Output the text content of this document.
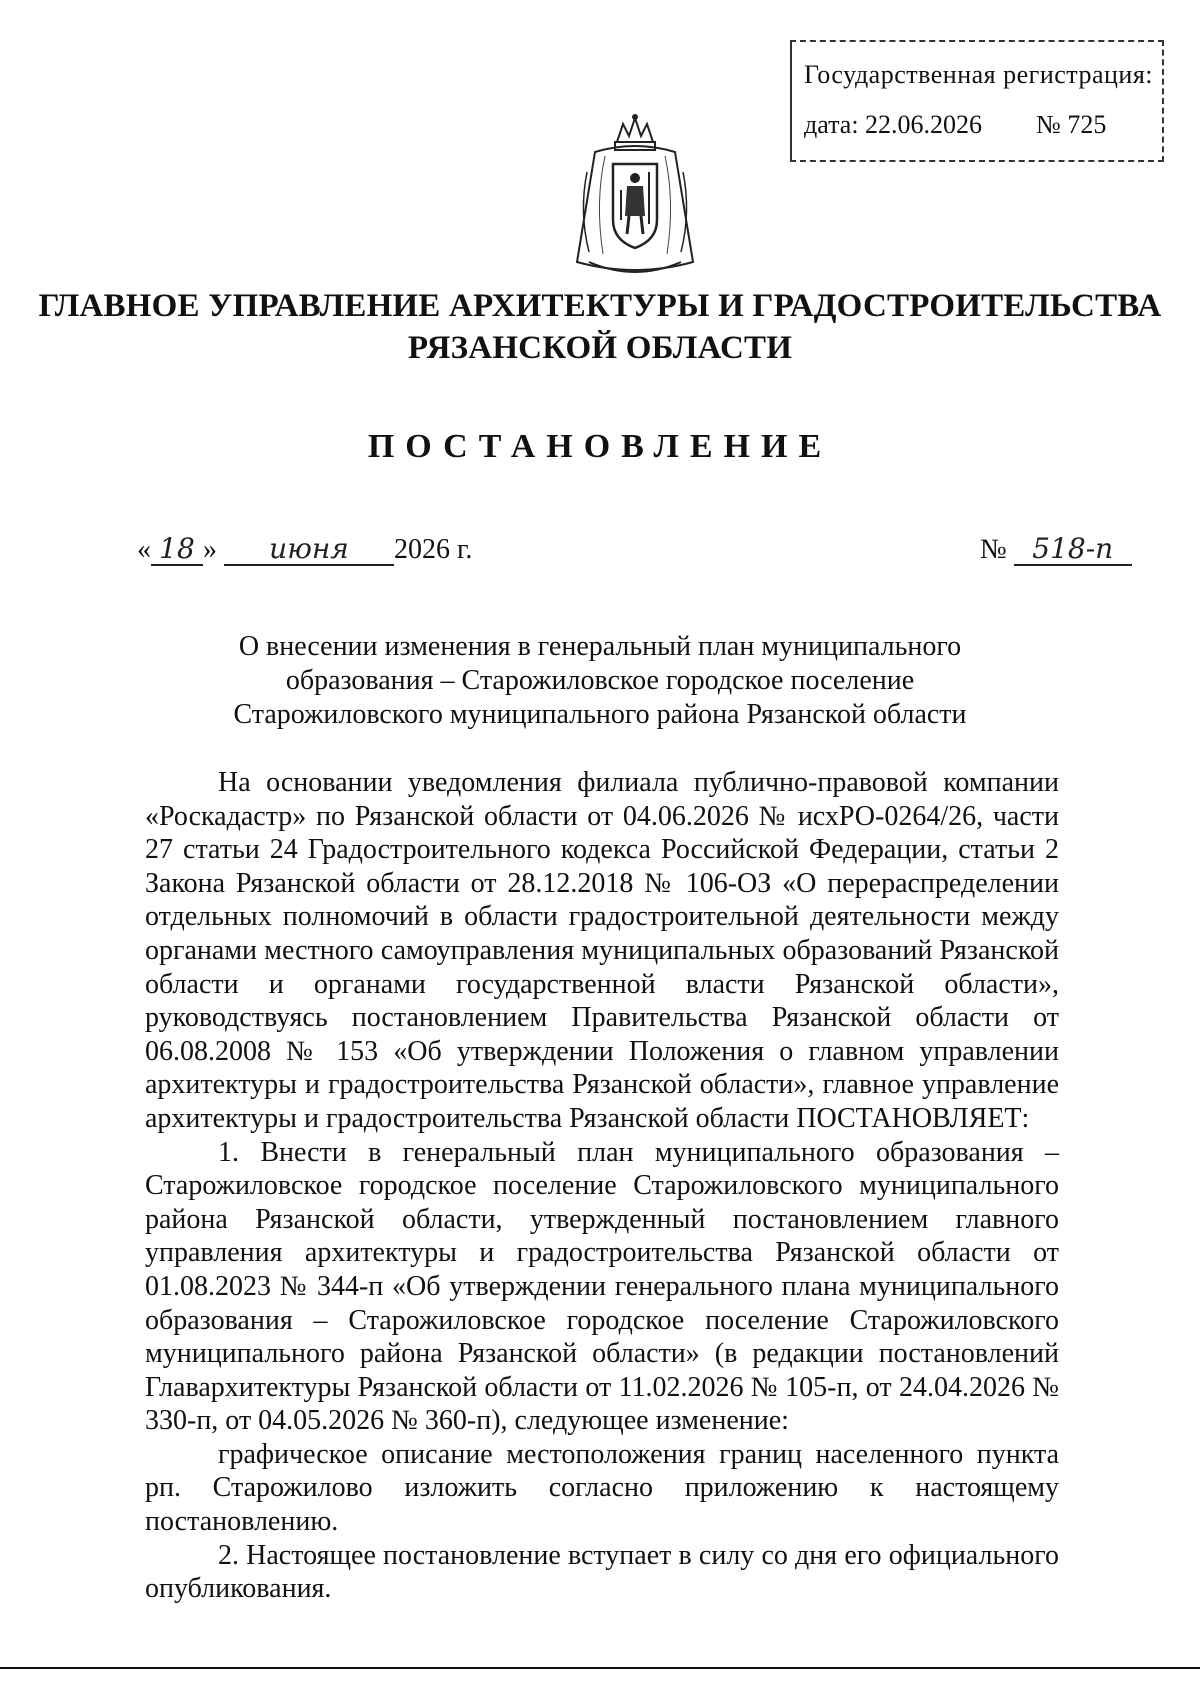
Государственная регистрация:
дата: 22.06.2026 № 725
ГЛАВНОЕ УПРАВЛЕНИЕ АРХИТЕКТУРЫ И ГРАДОСТРОИТЕЛЬСТВА
РЯЗАНСКОЙ ОБЛАСТИ
ПОСТАНОВЛЕНИЕ
« 18 » июня 2026 г.	№ 518-п
О внесении изменения в генеральный план муниципального
образования – Старожиловское городское поселение
Старожиловского муниципального района Рязанской области

На основании уведомления филиала публично-правовой компании «Роскадастр» по Рязанской области от 04.06.2026 № исхРО-0264/26, части 27 статьи 24 Градостроительного кодекса Российской Федерации, статьи 2 Закона Рязанской области от 28.12.2018 № 106-ОЗ «О перераспределении отдельных полномочий в области градостроительной деятельности между органами местного самоуправления муниципальных образований Рязанской области и органами государственной власти Рязанской области», руководствуясь постановлением Правительства Рязанской области от 06.08.2008 № 153 «Об утверждении Положения о главном управлении архитектуры и градостроительства Рязанской области», главное управление архитектуры и градостроительства Рязанской области ПОСТАНОВЛЯЕТ:

1. Внести в генеральный план муниципального образования – Старожиловское городское поселение Старожиловского муниципального района Рязанской области, утвержденный постановлением главного управления архитектуры и градостроительства Рязанской области от 01.08.2023 № 344-п «Об утверждении генерального плана муниципального образования – Старожиловское городское поселение Старожиловского муниципального района Рязанской области» (в редакции постановлений Главархитектуры Рязанской области от 11.02.2026 № 105-п, от 24.04.2026 № 330-п, от 04.05.2026 № 360-п), следующее изменение:

графическое описание местоположения границ населенного пункта рп. Старожилово изложить согласно приложению к настоящему постановлению.

2. Настоящее постановление вступает в силу со дня его официального опубликования.
